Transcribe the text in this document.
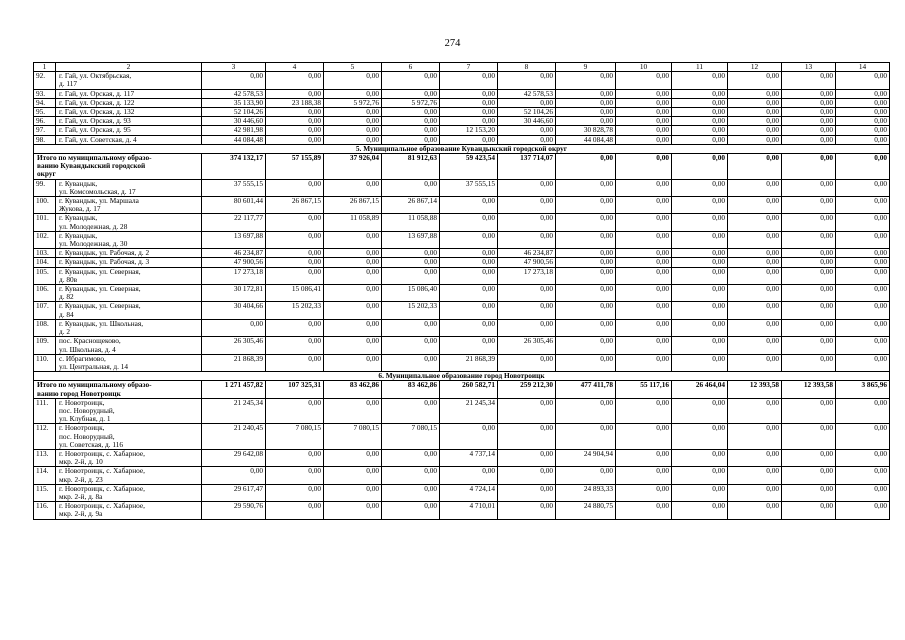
274
1	2	3	4	5	6	7	8	9	10	11	12	13	14
92.	г. Гай, ул. Октябрьская,
д. 117	0,00	0,00	0,00	0,00	0,00	0,00	0,00	0,00	0,00	0,00	0,00	0,00
93.	г. Гай, ул. Орская, д. 117	42 578,53	0,00	0,00	0,00	0,00	42 578,53	0,00	0,00	0,00	0,00	0,00	0,00
94.	г. Гай, ул. Орская, д. 122	35 133,90	23 188,38	5 972,76	5 972,76	0,00	0,00	0,00	0,00	0,00	0,00	0,00	0,00
95.	г. Гай, ул. Орская, д. 132	52 104,26	0,00	0,00	0,00	0,00	52 104,26	0,00	0,00	0,00	0,00	0,00	0,00
96.	г. Гай, ул. Орская, д. 93	30 446,60	0,00	0,00	0,00	0,00	30 446,60	0,00	0,00	0,00	0,00	0,00	0,00
97.	г. Гай, ул. Орская, д. 95	42 981,98	0,00	0,00	0,00	12 153,20	0,00	30 828,78	0,00	0,00	0,00	0,00	0,00
98.	г. Гай, ул. Советская, д. 4	44 084,48	0,00	0,00	0,00	0,00	0,00	44 084,48	0,00	0,00	0,00	0,00	0,00
5. Муниципальное образование Кувандыкский городской округ													
Итого по муниципальному образо-
ванию Кувандыкский городской
округ		374 132,17	57 155,89	37 926,04	81 912,63	59 423,54	137 714,07	0,00	0,00	0,00	0,00	0,00	0,00
99.	г. Кувандык,
ул. Комсомольская, д. 17	37 555,15	0,00	0,00	0,00	37 555,15	0,00	0,00	0,00	0,00	0,00	0,00	0,00
100.	г. Кувандык, ул. Маршала
Жукова, д. 17	80 601,44	26 867,15	26 867,15	26 867,14	0,00	0,00	0,00	0,00	0,00	0,00	0,00	0,00
101.	г. Кувандык,
ул. Молодежная, д. 28	22 117,77	0,00	11 058,89	11 058,88	0,00	0,00	0,00	0,00	0,00	0,00	0,00	0,00
102.	г. Кувандык,
ул. Молодежная, д. 30	13 697,88	0,00	0,00	13 697,88	0,00	0,00	0,00	0,00	0,00	0,00	0,00	0,00
103.	г. Кувандык, ул. Рабочая, д. 2	46 234,87	0,00	0,00	0,00	0,00	46 234,87	0,00	0,00	0,00	0,00	0,00	0,00
104.	г. Кувандык, ул. Рабочая, д. 3	47 900,56	0,00	0,00	0,00	0,00	47 900,56	0,00	0,00	0,00	0,00	0,00	0,00
105.	г. Кувандык, ул. Северная,
д. 80в	17 273,18	0,00	0,00	0,00	0,00	17 273,18	0,00	0,00	0,00	0,00	0,00	0,00
106.	г. Кувандык, ул. Северная,
д. 82	30 172,81	15 086,41	0,00	15 086,40	0,00	0,00	0,00	0,00	0,00	0,00	0,00	0,00
107.	г. Кувандык, ул. Северная,
д. 84	30 404,66	15 202,33	0,00	15 202,33	0,00	0,00	0,00	0,00	0,00	0,00	0,00	0,00
108.	г. Кувандык, ул. Школьная,
д. 2	0,00	0,00	0,00	0,00	0,00	0,00	0,00	0,00	0,00	0,00	0,00	0,00
109.	пос. Краснощеково,
ул. Школьная, д. 4	26 305,46	0,00	0,00	0,00	0,00	26 305,46	0,00	0,00	0,00	0,00	0,00	0,00
110.	с. Ибрагимово,
ул. Центральная, д. 14	21 868,39	0,00	0,00	0,00	21 868,39	0,00	0,00	0,00	0,00	0,00	0,00	0,00
6. Муниципальное образование город Новотроицк													
Итого по муниципальному образо-
ванию город Новотроицк		1 271 457,82	107 325,31	83 462,86	83 462,86	260 582,71	259 212,30	477 411,78	55 117,16	26 464,04	12 393,58	12 393,58	3 865,96
111.	г. Новотроицк,
пос. Новорудный,
ул. Клубная, д. 1	21 245,34	0,00	0,00	0,00	21 245,34	0,00	0,00	0,00	0,00	0,00	0,00	0,00
112.	г. Новотроицк,
пос. Новорудный,
ул. Советская, д. 116	21 240,45	7 080,15	7 080,15	7 080,15	0,00	0,00	0,00	0,00	0,00	0,00	0,00	0,00
113.	г. Новотроицк, с. Хабарное,
мкр. 2-й, д. 10	29 642,08	0,00	0,00	0,00	4 737,14	0,00	24 904,94	0,00	0,00	0,00	0,00	0,00
114.	г. Новотроицк, с. Хабарное,
мкр. 2-й, д. 23	0,00	0,00	0,00	0,00	0,00	0,00	0,00	0,00	0,00	0,00	0,00	0,00
115.	г. Новотроицк, с. Хабарное,
мкр. 2-й, д. 8а	29 617,47	0,00	0,00	0,00	4 724,14	0,00	24 893,33	0,00	0,00	0,00	0,00	0,00
116.	г. Новотроицк, с. Хабарное,
мкр. 2-й, д. 9а	29 590,76	0,00	0,00	0,00	4 710,01	0,00	24 880,75	0,00	0,00	0,00	0,00	0,00
